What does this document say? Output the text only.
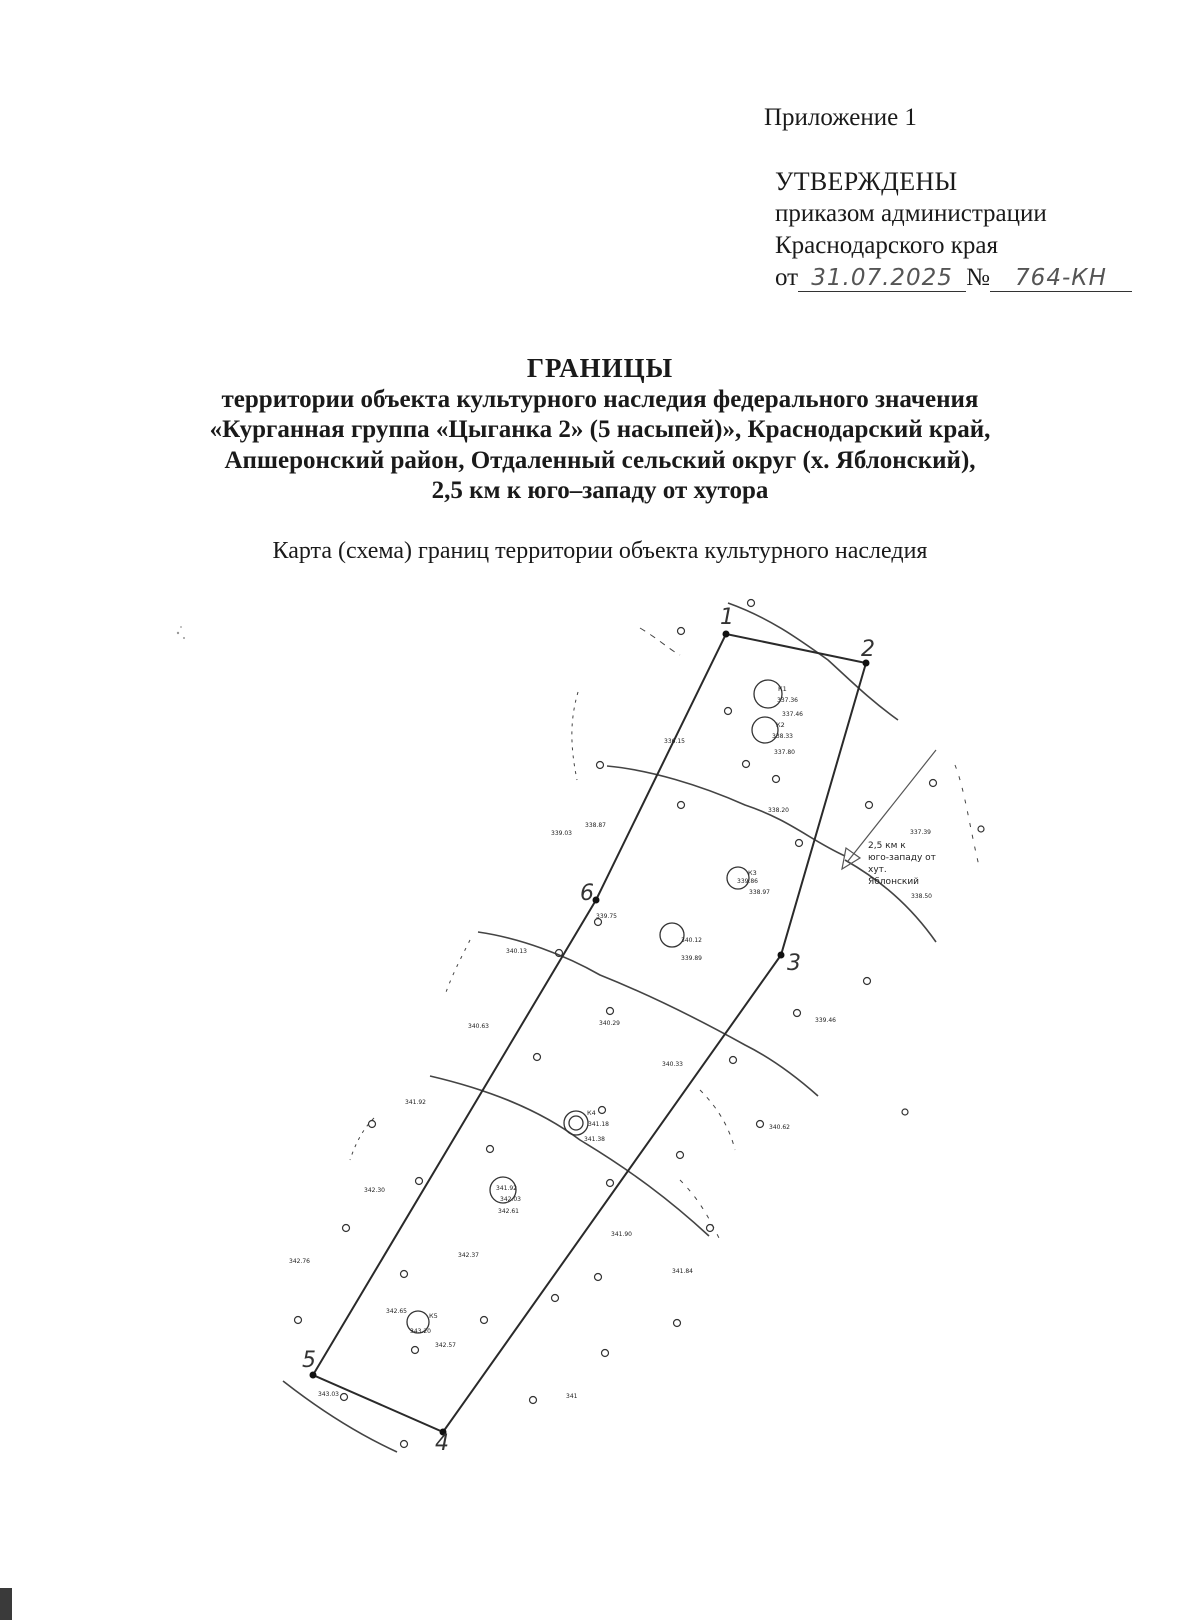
Приложение 1
УТВЕРЖДЕНЫ
приказом администрации
Краснодарского края
от 31.07.2025 № 764-КН
ГРАНИЦЫ
территории объекта культурного наследия федерального значения
«Курганная группа «Цыганка 2» (5 насыпей)», Краснодарский край,
Апшеронский район, Отдаленный сельский округ (х. Яблонский),
2,5 км к юго–западу от хутора
Карта (схема) границ территории объекта культурного наследия
1
2
3
4
5
6
К1
К2
К3
К4
К5
337.36
337.46
338.33
337.80
336.15
338.20
337.39
339.03
338.87
339.86
338.97
338.50
339.75
340.12
339.89
340.13
340.29	339.46
340.63
340.33
341.92
341.18
341.38
340.62
342.30	341.92
342.03
342.61
341.90
342.76
342.37
341.84
342.65
343.20
342.57
343.03	341
2,5 км к
юго-западу от
хут.
Яблонский
